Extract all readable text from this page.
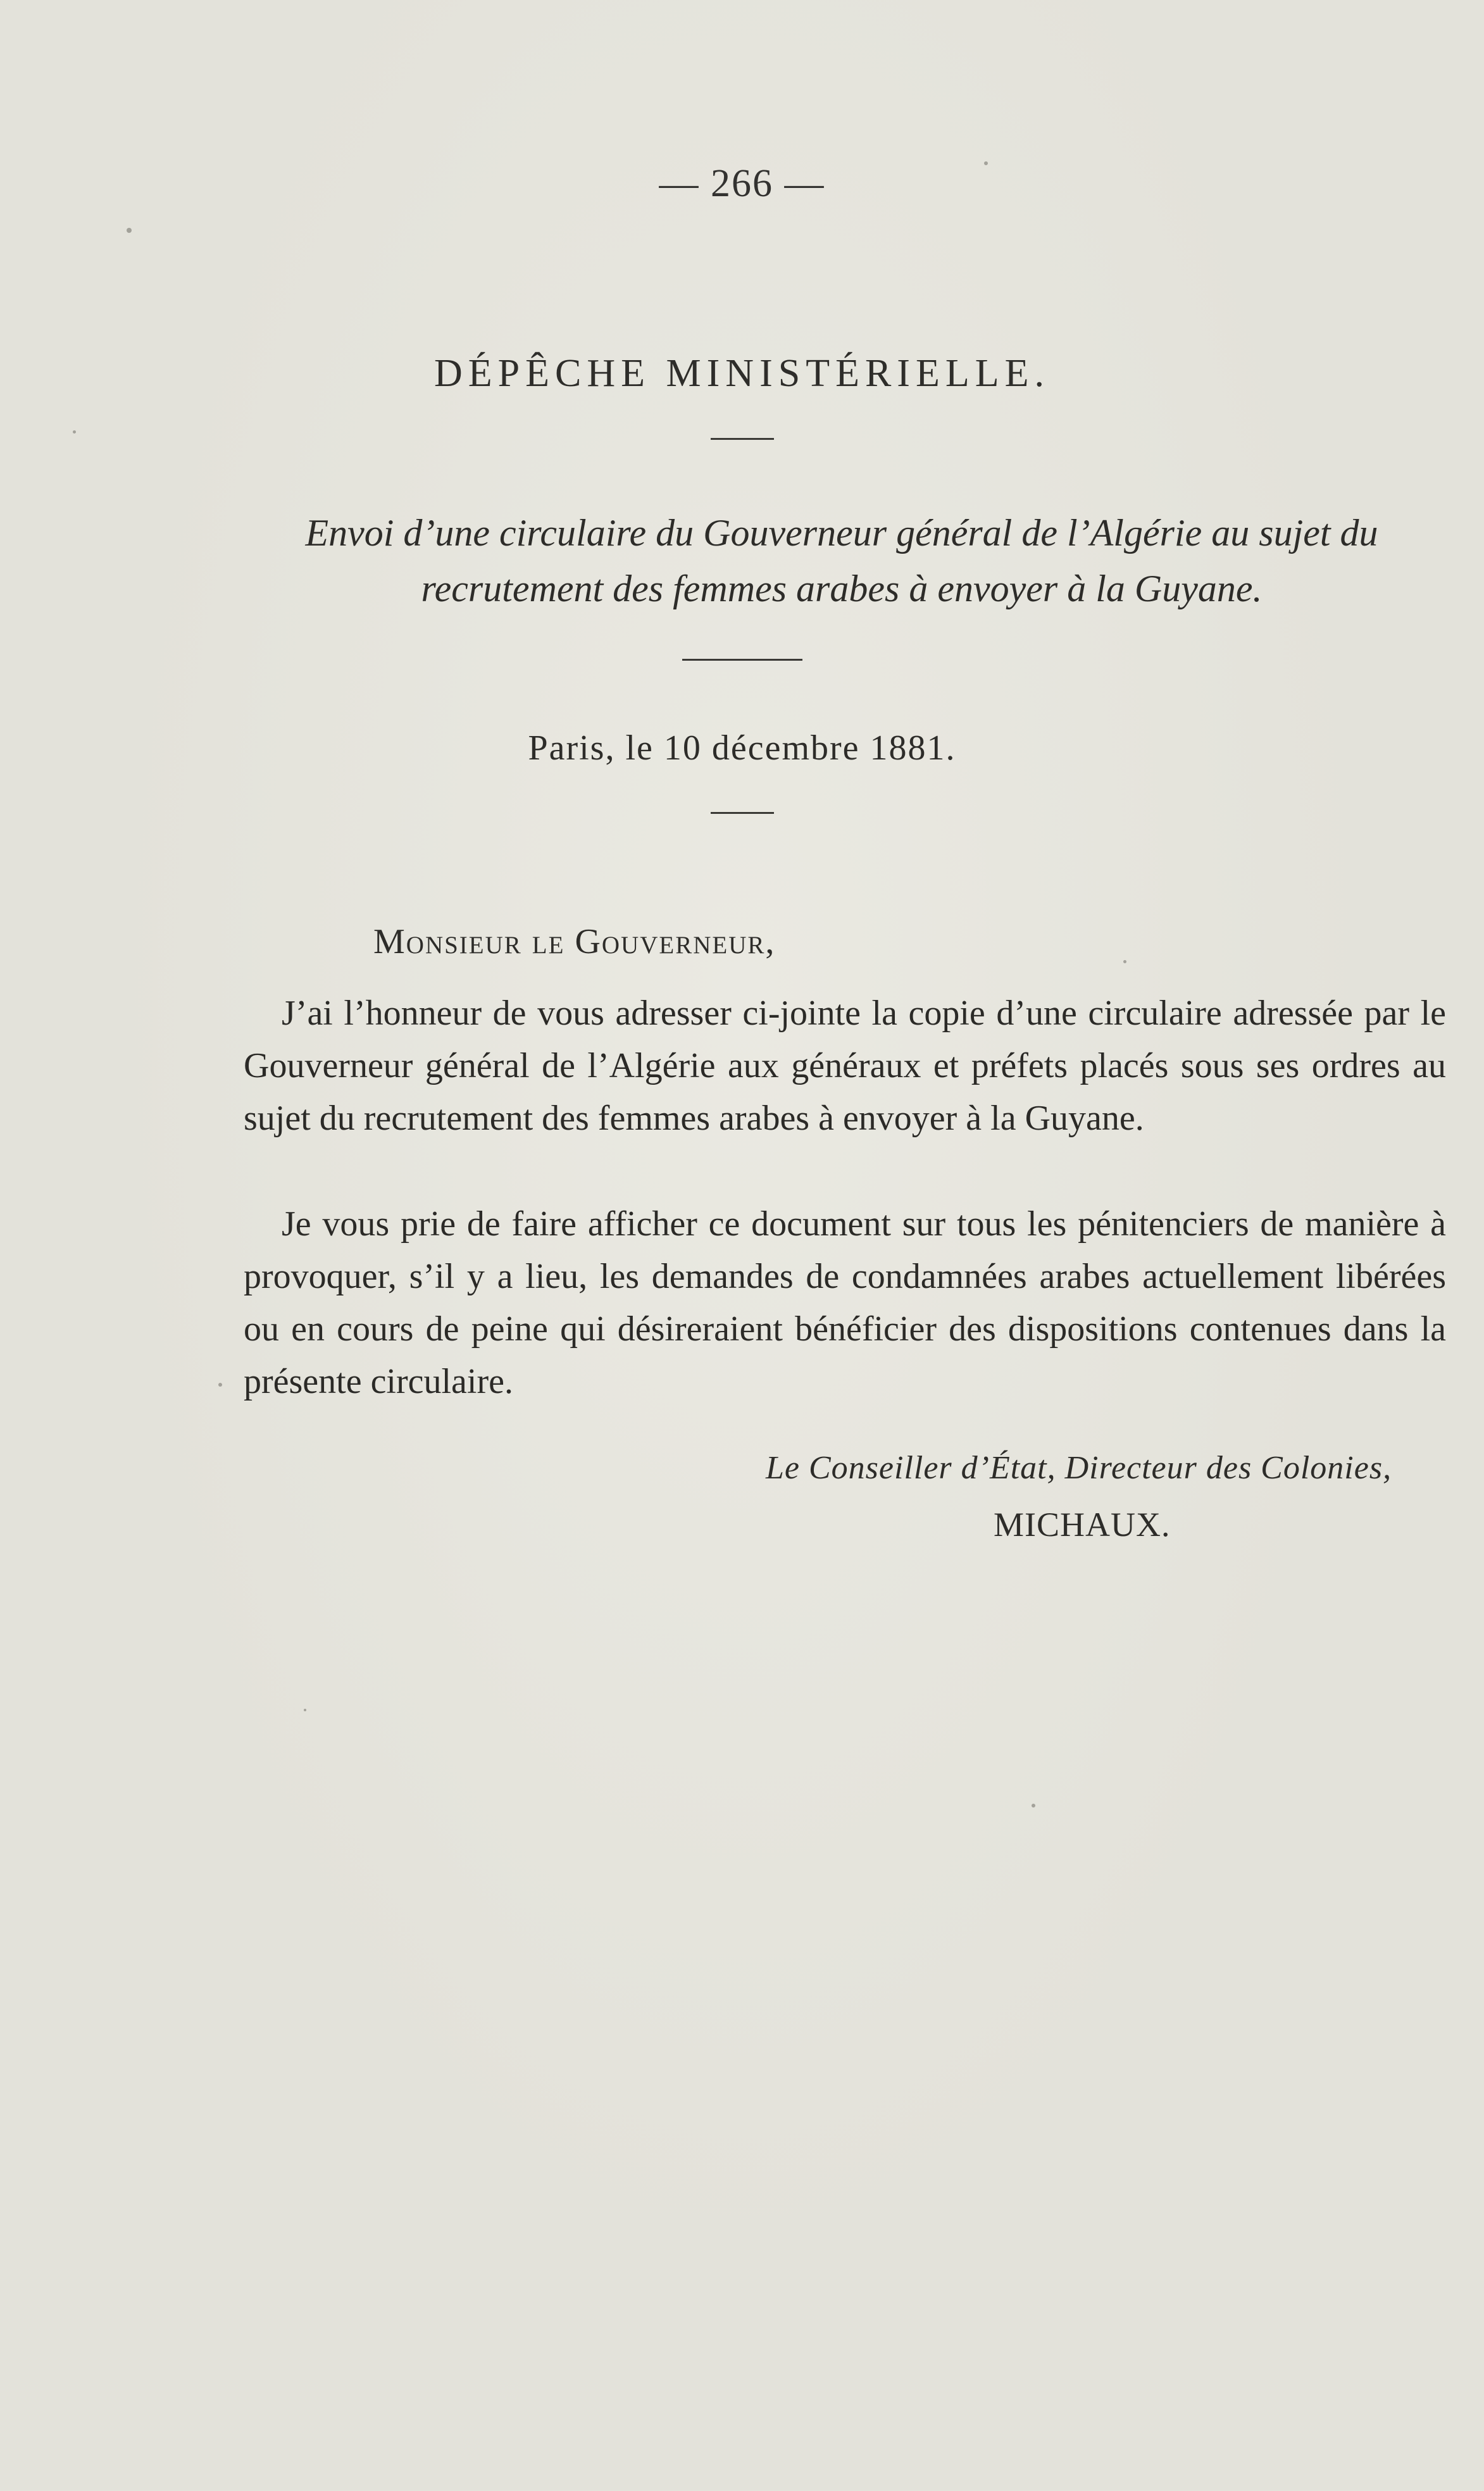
— 266 —
DÉPÊCHE MINISTÉRIELLE.
Envoi d’une circulaire du Gouverneur général de l’Algérie au sujet du recrutement des femmes arabes à envoyer à la Guyane.
Paris, le 10 décembre 1881.
Monsieur le Gouverneur,
J’ai l’honneur de vous adresser ci-jointe la copie d’une circulaire adressée par le Gouverneur général de l’Algérie aux généraux et préfets placés sous ses ordres au sujet du recrutement des femmes arabes à envoyer à la Guyane.
Je vous prie de faire afficher ce document sur tous les pénitenciers de manière à provoquer, s’il y a lieu, les demandes de condamnées arabes actuellement libérées ou en cours de peine qui désireraient bénéficier des dispositions contenues dans la présente circulaire.
Le Conseiller d’État, Directeur des Colonies,
MICHAUX.
